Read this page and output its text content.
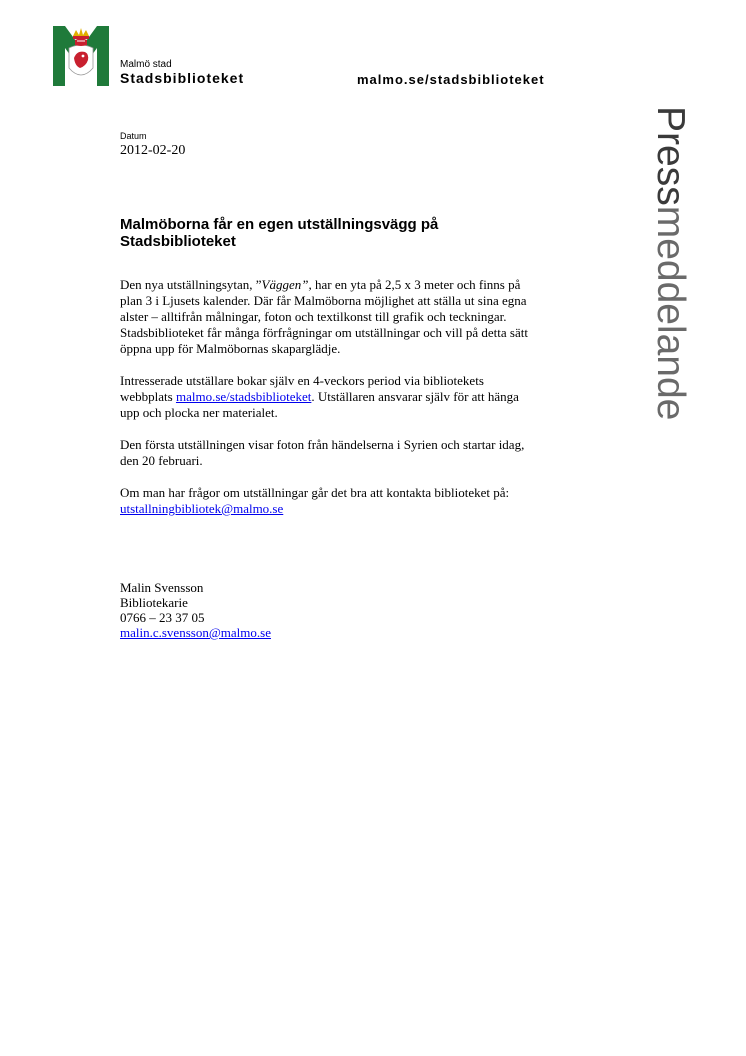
Malmö stad
Stadsbiblioteket	malmo.se/stadsbiblioteket
Pressmeddelande
Datum
2012-02-20
Malmöborna får en egen utställningsvägg på
Stadsbiblioteket

Den nya utställningsytan, ”Väggen”, har en yta på 2,5 x 3 meter och finns på
plan 3 i Ljusets kalender. Där får Malmöborna möjlighet att ställa ut sina egna
alster – alltifrån målningar, foton och textilkonst till grafik och teckningar.
Stadsbiblioteket får många förfrågningar om utställningar och vill på detta sätt
öppna upp för Malmöbornas skaparglädje.

Intresserade utställare bokar själv en 4-veckors period via bibliotekets
webbplats malmo.se/stadsbiblioteket. Utställaren ansvarar själv för att hänga
upp och plocka ner materialet.

Den första utställningen visar foton från händelserna i Syrien och startar idag,
den 20 februari.

Om man har frågor om utställningar går det bra att kontakta biblioteket på:
utstallningbibliotek@malmo.se

Malin Svensson
Bibliotekarie
0766 – 23 37 05
malin.c.svensson@malmo.se
